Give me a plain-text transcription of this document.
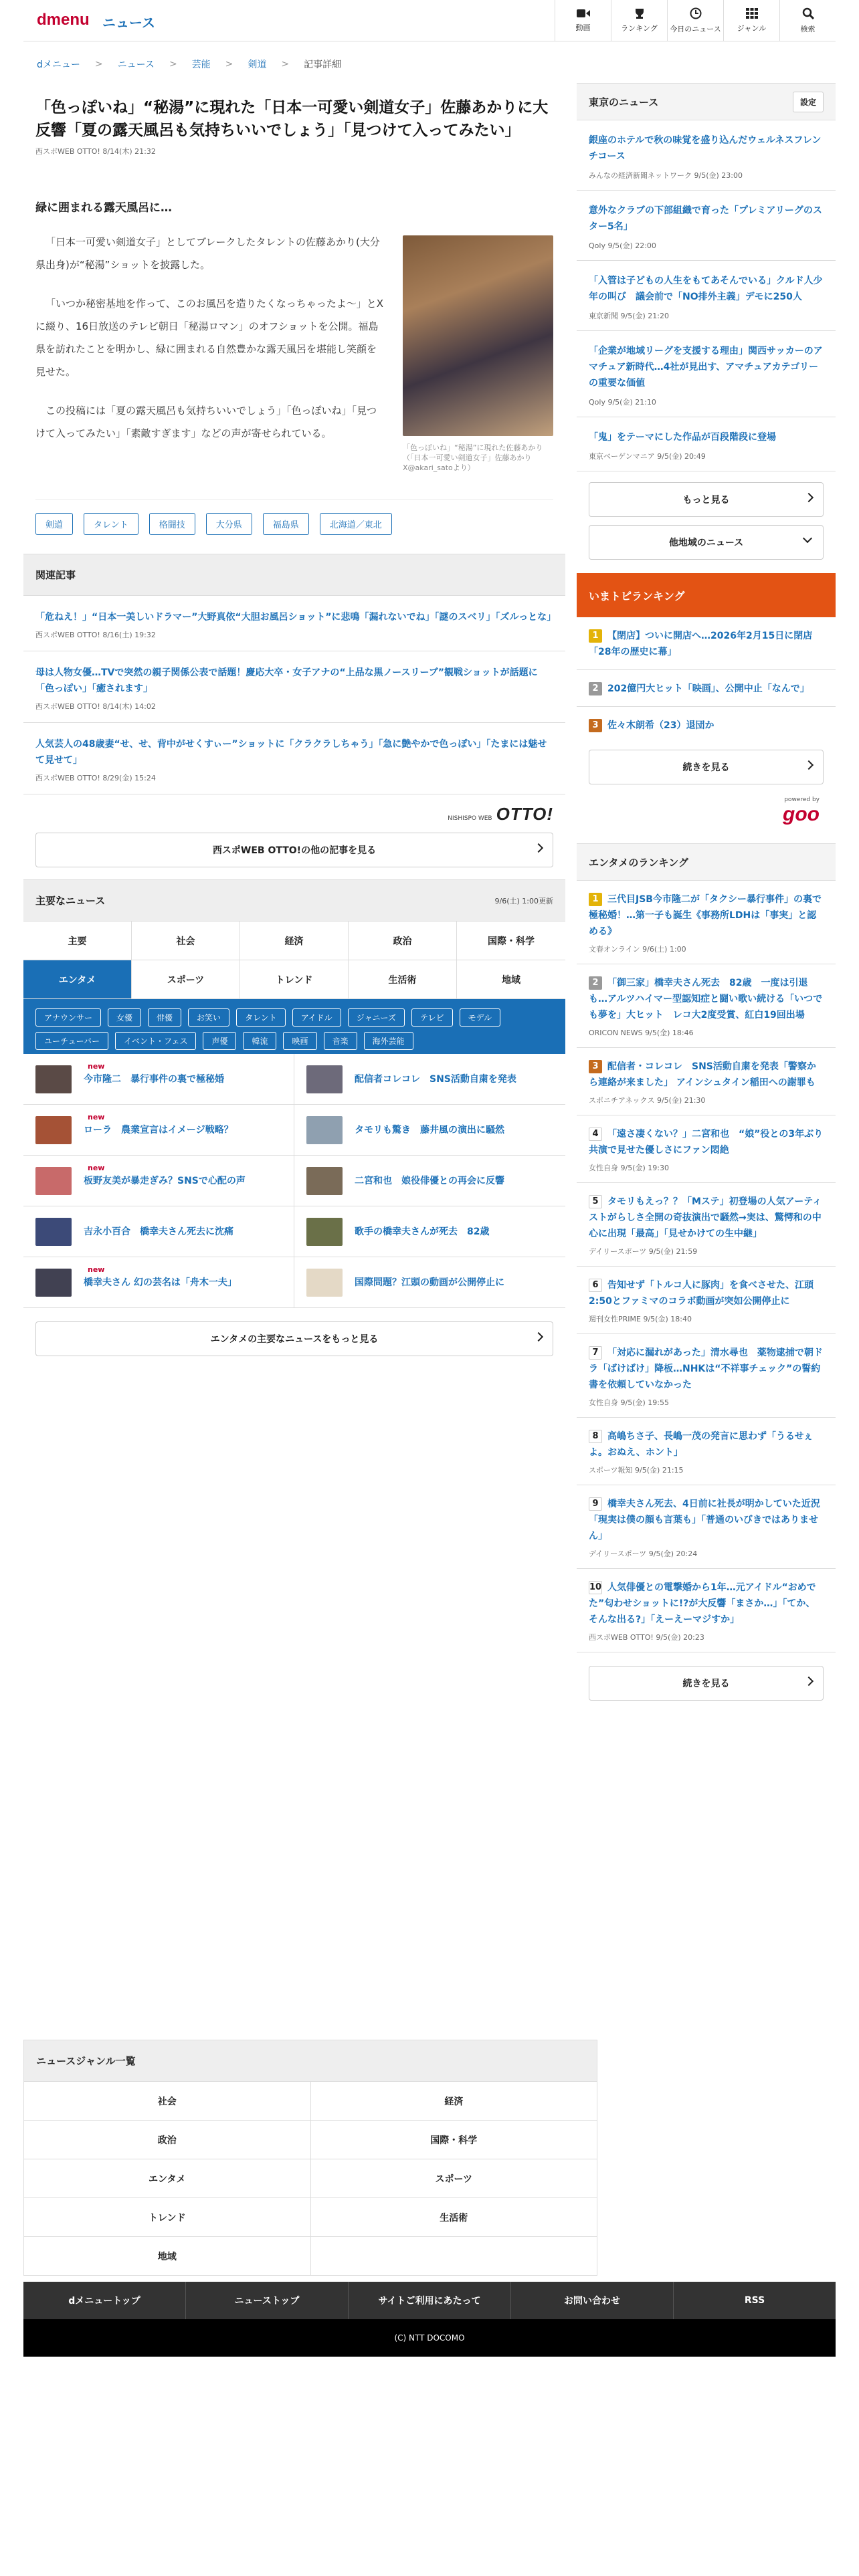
dmenu ニュース	動画	ランキング 今日のニュース ジャンル	検索
dメニュー > ニュース > 芸能 > 剣道 > 記事詳細
「色っぽいね」“秘湯”に現れた「日本一可愛い剣道女子」佐藤あかりに大反響「夏の露天風呂も気持ちいいでしょう」「見つけて入ってみたい」
西スポWEB OTTO! 8/14(木) 21:32
緑に囲まれる露天風呂に…

「日本一可愛い剣道女子」としてブレークしたタレントの佐藤あかり(大分県出身)が“秘湯”ショットを披露した。

「いつか秘密基地を作って、このお風呂を造りたくなっちゃったよ〜」とXに綴り、16日放送のテレビ朝日「秘湯ロマン」のオフショットを公開。福島県を訪れたことを明かし、緑に囲まれる自然豊かな露天風呂を堪能し笑顔を見せた。

この投稿には「夏の露天風呂も気持ちいいでしょう」「色っぽいね」「見つけて入ってみたい」「素敵すぎます」などの声が寄せられている。

「色っぽいね」“秘湯”に現れた佐藤あかり（「日本一可愛い剣道女子」佐藤あかりX@akari_satoより）
剣道	タレント	格闘技	大分県	福島県	北海道／東北
関連記事
「危ねえ！」“日本一美しいドラマー”大野真依“大胆お風呂ショット”に悲鳴「漏れないでね」「謎のスベリ」「ズルっとな」
西スポWEB OTTO! 8/16(土) 19:32
母は人物女優…TVで突然の親子関係公表で話題！慶応大卒・女子アナの“上品な黒ノースリーブ”観戦ショットが話題に「色っぽい」「癒されます」
西スポWEB OTTO! 8/14(木) 14:02
人気芸人の48歳妻“せ、せ、背中がせくすぃー”ショットに「クラクラしちゃう」「急に艶やかで色っぽい」「たまには魅せて見せて」
西スポWEB OTTO! 8/29(金) 15:24
NISHISPO WEB OTTO!
西スポWEB OTTO!の他の記事を見る
主要なニュース	9/6(土) 1:00更新
主要	社会	経済	政治	国際・科学
エンタメ	スポーツ	トレンド	生活術	地域
アナウンサー	女優	俳優	お笑い	タレント	アイドル	ジャニーズ	テレビ	モデル
ユーチューバー	イベント・フェス	声優	韓流	映画	音楽	海外芸能
new
今市隆二　暴行事件の裏で極秘婚	配信者コレコレ　SNS活動自粛を発表
new
ローラ　農業宣言はイメージ戦略？	タモリも驚き　藤井風の演出に騒然
new
板野友美が暴走ぎみ？SNSで心配の声	二宮和也　娘役俳優との再会に反響
吉永小百合　橋幸夫さん死去に沈痛	歌手の橋幸夫さんが死去　82歳
new
橋幸夫さん 幻の芸名は「舟木一夫」	国際問題？江頭の動画が公開停止に
エンタメの主要なニュースをもっと見る
東京のニュース	設定
銀座のホテルで秋の味覚を盛り込んだウェルネスフレンチコース
みんなの経済新聞ネットワーク 9/5(金) 23:00
意外なクラブの下部組織で育った「プレミアリーグのスター5名」
Qoly 9/5(金) 22:00
「入管は子どもの人生をもてあそんでいる」クルド人少年の叫び　議会前で「NO排外主義」デモに250人
東京新聞 9/5(金) 21:20
「企業が地域リーグを支援する理由」関西サッカーのアマチュア新時代…4社が見出す、アマチュアカテゴリーの重要な価値
Qoly 9/5(金) 21:10
「鬼」をテーマにした作品が百段階段に登場
東京ベーゲンマニア 9/5(金) 20:49
もっと見る
他地域のニュース
いまトピランキング
1 【閉店】ついに開店へ…2026年2月15日に閉店「28年の歴史に幕」
2 202億円大ヒット「映画」、公開中止「なんで」
3 佐々木朗希（23）退団か
続きを見る
powered by
goo
エンタメのランキング
1 三代目JSB今市隆二が「タクシー暴行事件」の裏で極秘婚！…第一子も誕生《事務所LDHは「事実」と認める》
文春オンライン 9/6(土) 1:00
2 「御三家」橋幸夫さん死去　82歳　一度は引退も…アルツハイマー型認知症と闘い歌い続ける「いつでも夢を」大ヒット　レコ大2度受賞、紅白19回出場
ORICON NEWS 9/5(金) 18:46
3 配信者・コレコレ　SNS活動自粛を発表「警察から連絡が来ました」 アインシュタイン稲田への謝罪も
スポニチアネックス 9/5(金) 21:30
4 「遠さ凄くない？」二宮和也　“娘”役との3年ぶり共演で見せた優しさにファン悶絶
女性自身 9/5(金) 19:30
5 タモリもえっ？？「Mステ」初登場の人気アーティストがらしさ全開の奇抜演出で騒然→実は、驚愕和の中心に出現「最高」「見せかけての生中継」
デイリースポーツ 9/5(金) 21:59
6 告知せず「トルコ人に豚肉」を食べさせた、江頭2:50とファミマのコラボ動画が突如公開停止に
週刊女性PRIME 9/5(金) 18:40
7 「対応に漏れがあった」清水尋也　薬物逮捕で朝ドラ「ばけばけ」降板…NHKは“不祥事チェック”の誓約書を依頼していなかった
女性自身 9/5(金) 19:55
8 高嶋ちさ子、長嶋一茂の発言に思わず「うるせぇよ。おぬえ、ホント」
スポーツ報知 9/5(金) 21:15
9 橋幸夫さん死去、4日前に社長が明かしていた近況「現実は僕の顔も言葉も」「普通のいびきではありません」
デイリースポーツ 9/5(金) 20:24
10 人気俳優との電撃婚から1年…元アイドル“おめでた”匂わせショットに!?が大反響「まさか…」「てか、そんな出る?」「えーえーマジすか」
西スポWEB OTTO! 9/5(金) 20:23
続きを見る
ニュースジャンル一覧
社会	経済
政治	国際・科学
エンタメ	スポーツ
トレンド	生活術
地域
dメニュートップ	ニューストップ	サイトご利用にあたって	お問い合わせ	RSS
(C) NTT DOCOMO
